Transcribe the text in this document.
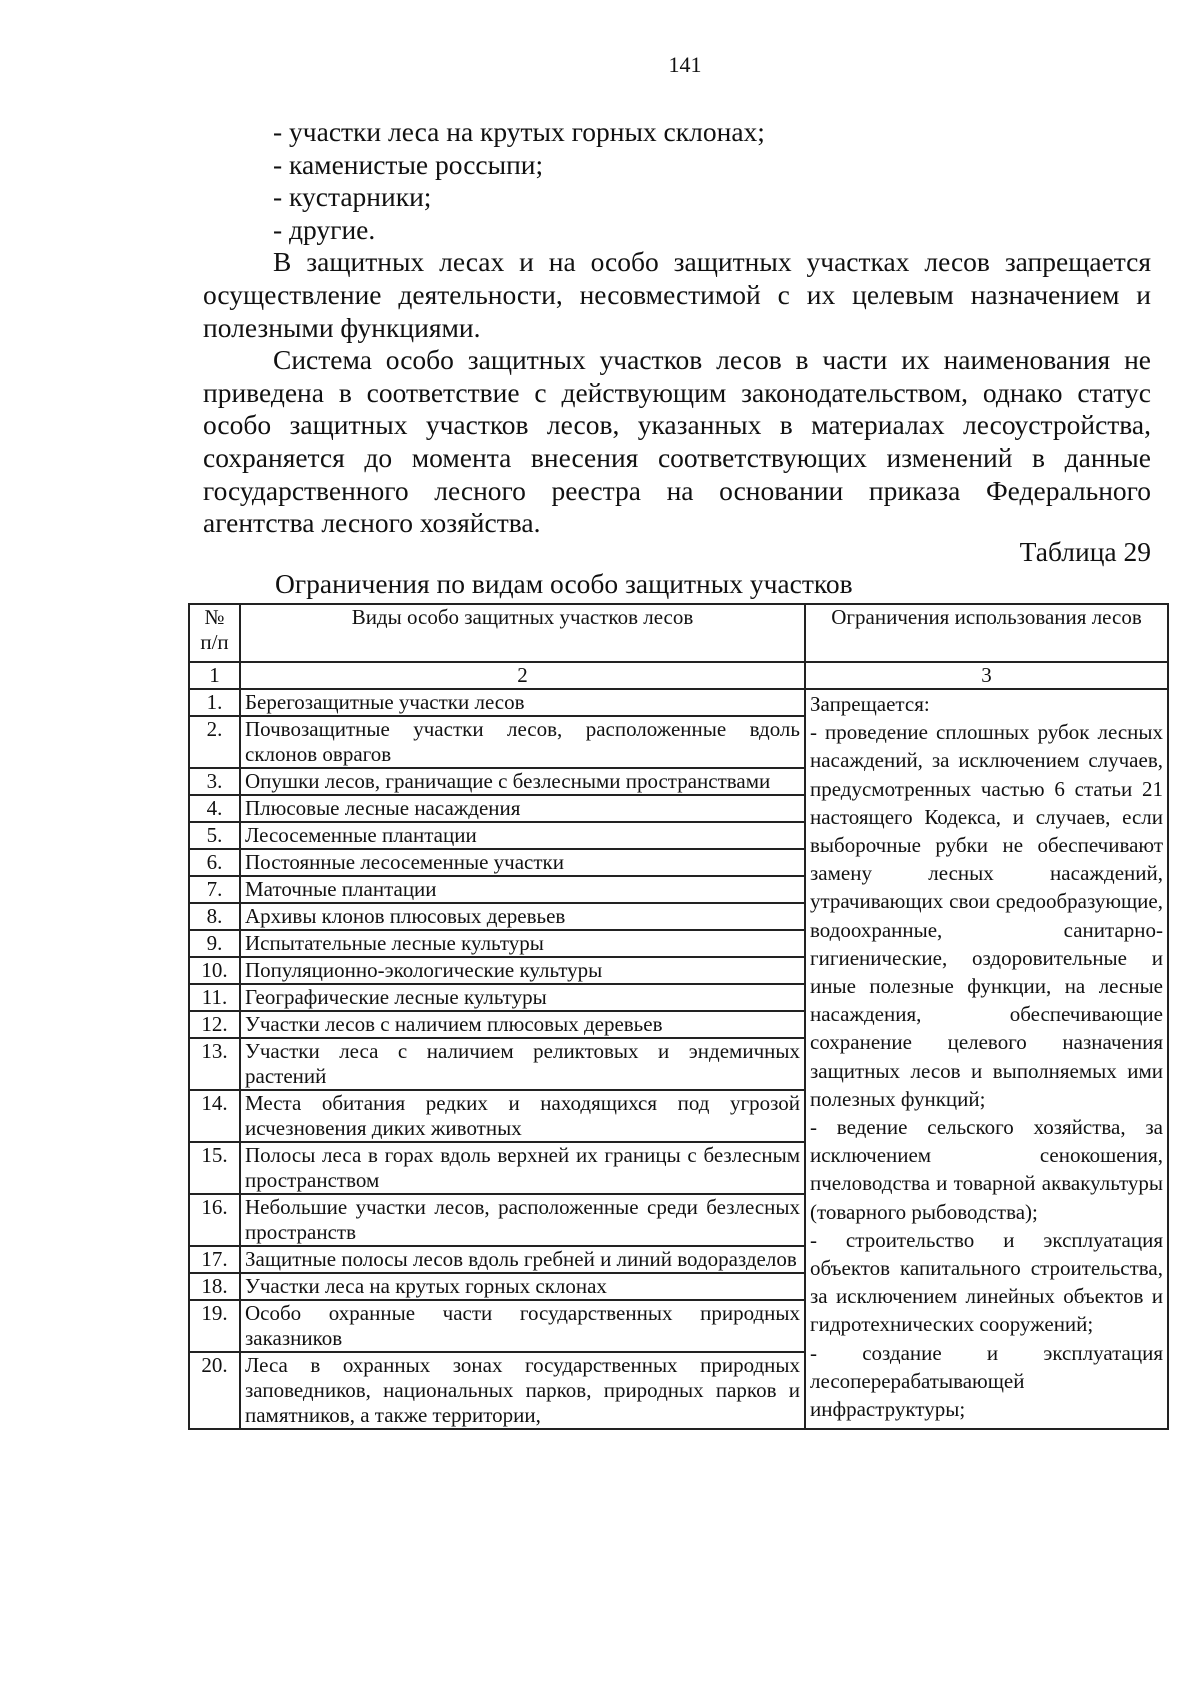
141

- участки леса на крутых горных склонах;

- каменистые россыпи;

- кустарники;

- другие.

В защитных лесах и на особо защитных участках лесов запрещается осуществление деятельности, несовместимой с их целевым назначением и полезными функциями.

Система особо защитных участков лесов в части их наименования не приведена в соответствие с действующим законодательством, однако статус особо защитных участков лесов, указанных в материалах лесоустройства, сохраняется до момента внесения соответствующих изменений в данные государственного лесного реестра на основании приказа Федерального агентства лесного хозяйства.

Таблица 29
Ограничения по видам особо защитных участков
№ п/п	Виды особо защитных участков лесов	Ограничения использования лесов
1	2	3
1.	Берегозащитные участки лесов	Запрещается:
- проведение сплошных рубок лесных насаждений, за исключением случаев, предусмотренных частью 6 статьи 21 настоящего Кодекса, и случаев, если выборочные рубки не обеспечивают замену лесных насаждений, утрачивающих свои средообразующие, водоохранные, санитарно-гигиенические, оздоровительные и иные полезные функции, на лесные насаждения, обеспечивающие сохранение целевого назначения защитных лесов и выполняемых ими полезных функций;
- ведение сельского хозяйства, за исключением сенокошения, пчеловодства и товарной аквакультуры (товарного рыбоводства);
- строительство и эксплуатация объектов капитального строительства, за исключением линейных объектов и гидротехнических сооружений;
- создание и эксплуатация лесоперерабатывающей инфраструктуры;
2.	Почвозащитные участки лесов, расположенные вдоль склонов оврагов	
3.	Опушки лесов, граничащие с безлесными пространствами	
4.	Плюсовые лесные насаждения	
5.	Лесосеменные плантации	
6.	Постоянные лесосеменные участки	
7.	Маточные плантации	
8.	Архивы клонов плюсовых деревьев	
9.	Испытательные лесные культуры	
10.	Популяционно-экологические культуры	
11.	Географические лесные культуры	
12.	Участки лесов с наличием плюсовых деревьев	
13.	Участки леса с наличием реликтовых и эндемичных растений	
14.	Места обитания редких и находящихся под угрозой исчезновения диких животных	
15.	Полосы леса в горах вдоль верхней их границы с безлесным пространством	
16.	Небольшие участки лесов, расположенные среди безлесных пространств	
17.	Защитные полосы лесов вдоль гребней и линий водоразделов	
18.	Участки леса на крутых горных склонах	
19.	Особо охранные части государственных природных заказников	
20.	Леса в охранных зонах государственных природных заповедников, национальных парков, природных парков и памятников, а также территории,	
